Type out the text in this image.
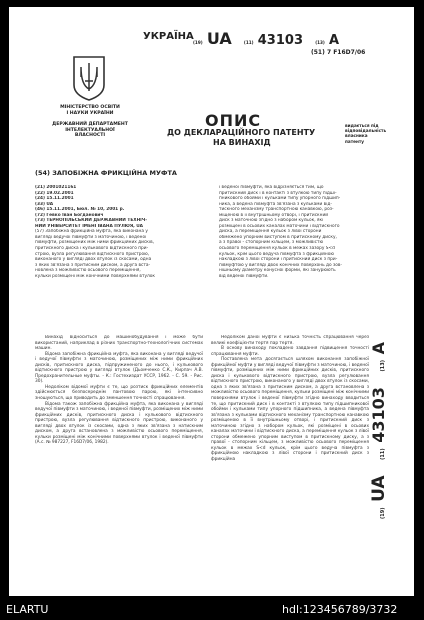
МІНІСТЕРСТВО ОСВІТИ
І НАУКИ УКРАЇНИ
ДЕРЖАВНИЙ ДЕПАРТАМЕНТ
ІНТЕЛЕКТУАЛЬНОЇ
ВЛАСНОСТІ
УКРАЇНА
(19) UA	(11) 43103	(13) A
(51) 7 F16D7/06
ОПИС
ДО ДЕКЛАРАЦІЙНОГО ПАТЕНТУ
НА ВИНАХІД
видається під
відповідальність
власника
патенту
(54) ЗАПОБІЖНА ФРИКЦІЙНА МУФТА
(21) 2001021161
(22) 19.02.2001
(24) 15.11.2001
(33) UA
(46) 15.11.2001, Бюл. № 10, 2001 р.
(72) Гевко Іван Богданович
(73) ТЕРНОПІЛЬСЬКИЙ ДЕРЖАВНИЙ ТЕХНІЧ-
НИЙ УНІВЕРСИТЕТ ІМЕНІ ІВАНА ПУЛЮЯ, UA
(57) Запобіжна фрикційна муфта, яка виконана у
вигляді ведучої півмуфти з маточиною, і веденої
півмуфти, розміщених між ними фрикційних дисків,
притискного диска і кулькового відтискного при-
строю, вузла регулювання відтискного пристрою,
виконаного у вигляді двох втулок із скосами, одна
з яких зв'язана з притисним диском, а друга вста-
новлена з можливістю осьового переміщення,
кульки розміщені між конічними поверхнями втулок
і веденої півмуфти, яка відрізняється тим, що
притискний диск і в контакті з втулкою типу підші-
пникового обойми і кульками типу упорного підшип-
ника, а ведена півмуфта зв'язана з кульками від-
тискного механізму транспортною канавкою, роз-
міщеною в її внутрішньому отворі, і притискний
диск з маточною згідно з набором кульок, які
розміщені в осьових каналах маточини і відтискного
диска, а переміщення кульок з лівої сторони
обмежено упорним виступом в притискному диску,
а з правої - стопорним кільцем, з можливістю
осьового переміщення кульок в межах зазору S<d
кульок, крім цього ведуча півмуфта з фрикційною
накладкою з лівої сторони і притискний диск з при-
півмуфтою у вигляді двох конічних поверхонь до зов-
нішньому діаметру конусної форми, які занурюють
від веденої півмуфти.

Винахід відноситься до машинобудування і може бути використаний, наприклад в різних транспортно-технологічних системах машин.

Відома запобіжна фрикційна муфта, яка виконана у вигляді ведучої і ведучої півмуфти з маточиною, розміщених між ними фрикційних дисків, притискного диска, підпружиненого до нього, і кулькового відтискного пристрою у вигляді втулок (Дьомченко С.К., Кирпач А.В. Предохранительные муфты. - К.: Гостехиздат УССР, 1962. - С. 59. - Рис. 30).

Недоліком відомої муфти є те, що розтиск фрикційних елементів здійснюється безпосереднім пантовою парою, які інтенсивно зношуються, що приводить до зменшення точності спрацювання.

Відома також запобіжна фрикційна муфта, яка виконана у вигляді ведучої півмуфти з маточиною, і веденої півмуфти, розміщених між ними фрикційних дисків, притискного диска і кулькового відтискного пристрою, вузла регулювання відтискного пристрою, виконаного у вигляді двох втулок із скосами, одна з яких зв'язана з натискним диском, а друга встановлена з можливістю осьового переміщення, кульки розміщені між конічними поверхнями втулок і веденої півмуфти (А.с. № 987227, F16D7/06, 1982).

Недоліком даної муфти є низька точність спрацювання через великі коефіцієнти тертя пар тертя.

В основу винаходу покладено завдання підвищення точності спрацювання муфти.

Поставлена мета досягається шляхом виконання запобіжної фрикційної муфти у вигляді ведучої півмуфти з маточиною, і веденої півмуфти, розміщених між ними фрикційних дисків, притискного диска і кулькового відтискного пристрою, вузла регулювання відтискного пристрою, виконаного у вигляді двох втулок із скосами, одна з яких зв'язана з притисним диском, а друга встановлена з можливістю осьового переміщення, кульки розміщені між конічними поверхнями втулок і веденої півмуфти згідно винаходу вводиться те, що притискний диск і в контакті з втулкою типу підшипникової обойми і кульками типу упорного підшипника, а ведена півмуфта зв'язана з кульками відтискного механізму транспортною канавкою розміщеною в її внутрішньому отворі, і притискний диск з маточиною згідно з набором кульок, які розміщені в осьових каналах маточини і відтискного диска, а переміщення кульок з лівої сторони обмежено упорним виступом в притискному диску, а з правої - стопорним кільцем, з можливістю осьового переміщення кульок в межах S<d кульок, крім цього ведуча півмуфта з фрикційною накладкою з лівої сторони і притискний диск з фрикційна

(19) UA (11) 43103 (13) A
ELARTU	hdl:123456789/3732
